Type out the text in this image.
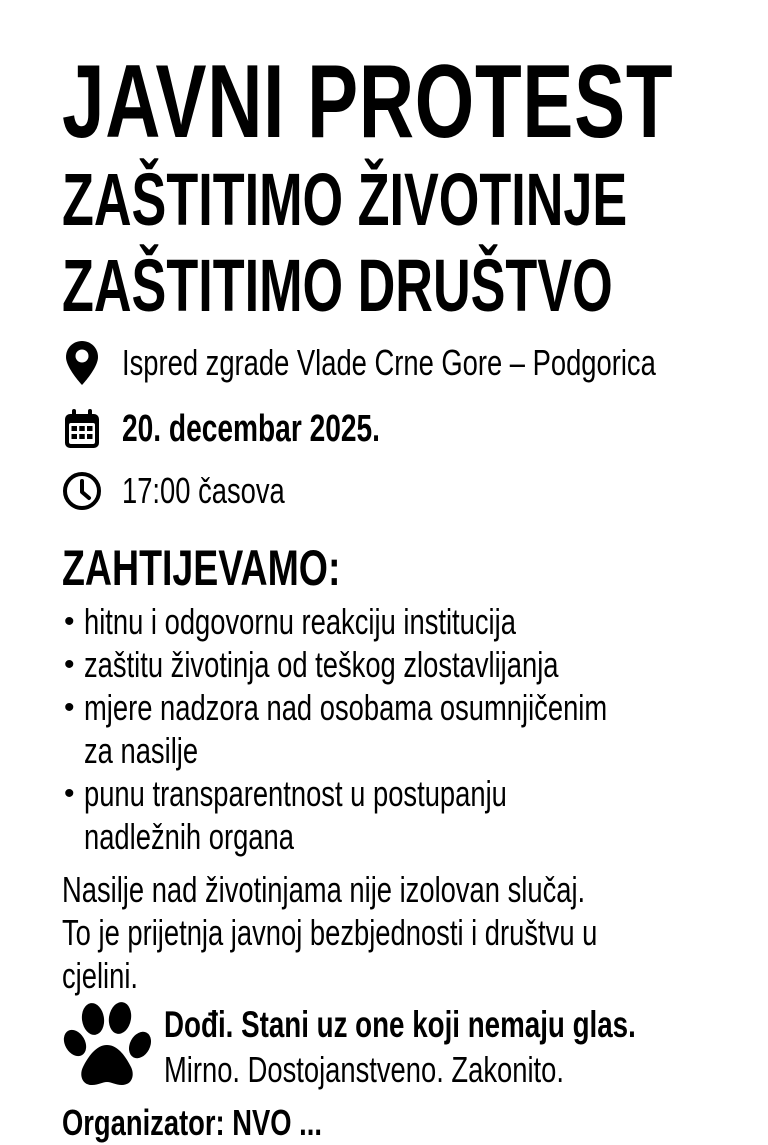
JAVNI PROTEST
ZAŠTITIMO ŽIVOTINJE
ZAŠTITIMO DRUŠTVO
Ispred zgrade Vlade Crne Gore – Podgorica
20. decembar 2025.
17:00 časova
ZAHTIJEVAMO:
• hitnu i odgovornu reakciju institucija
• zaštitu životinja od teškog zlostavlijanja
• mjere nadzora nad osobama osumnjičenim
za nasilje
• punu transparentnost u postupanju
nadležnih organa
Nasilje nad životinjama nije izolovan slučaj.
To je prijetnja javnoj bezbjednosti i društvu u
cjelini.
Dođi. Stani uz one koji nemaju glas.
Mirno. Dostojanstveno. Zakonito.
Organizator: NVO ...
